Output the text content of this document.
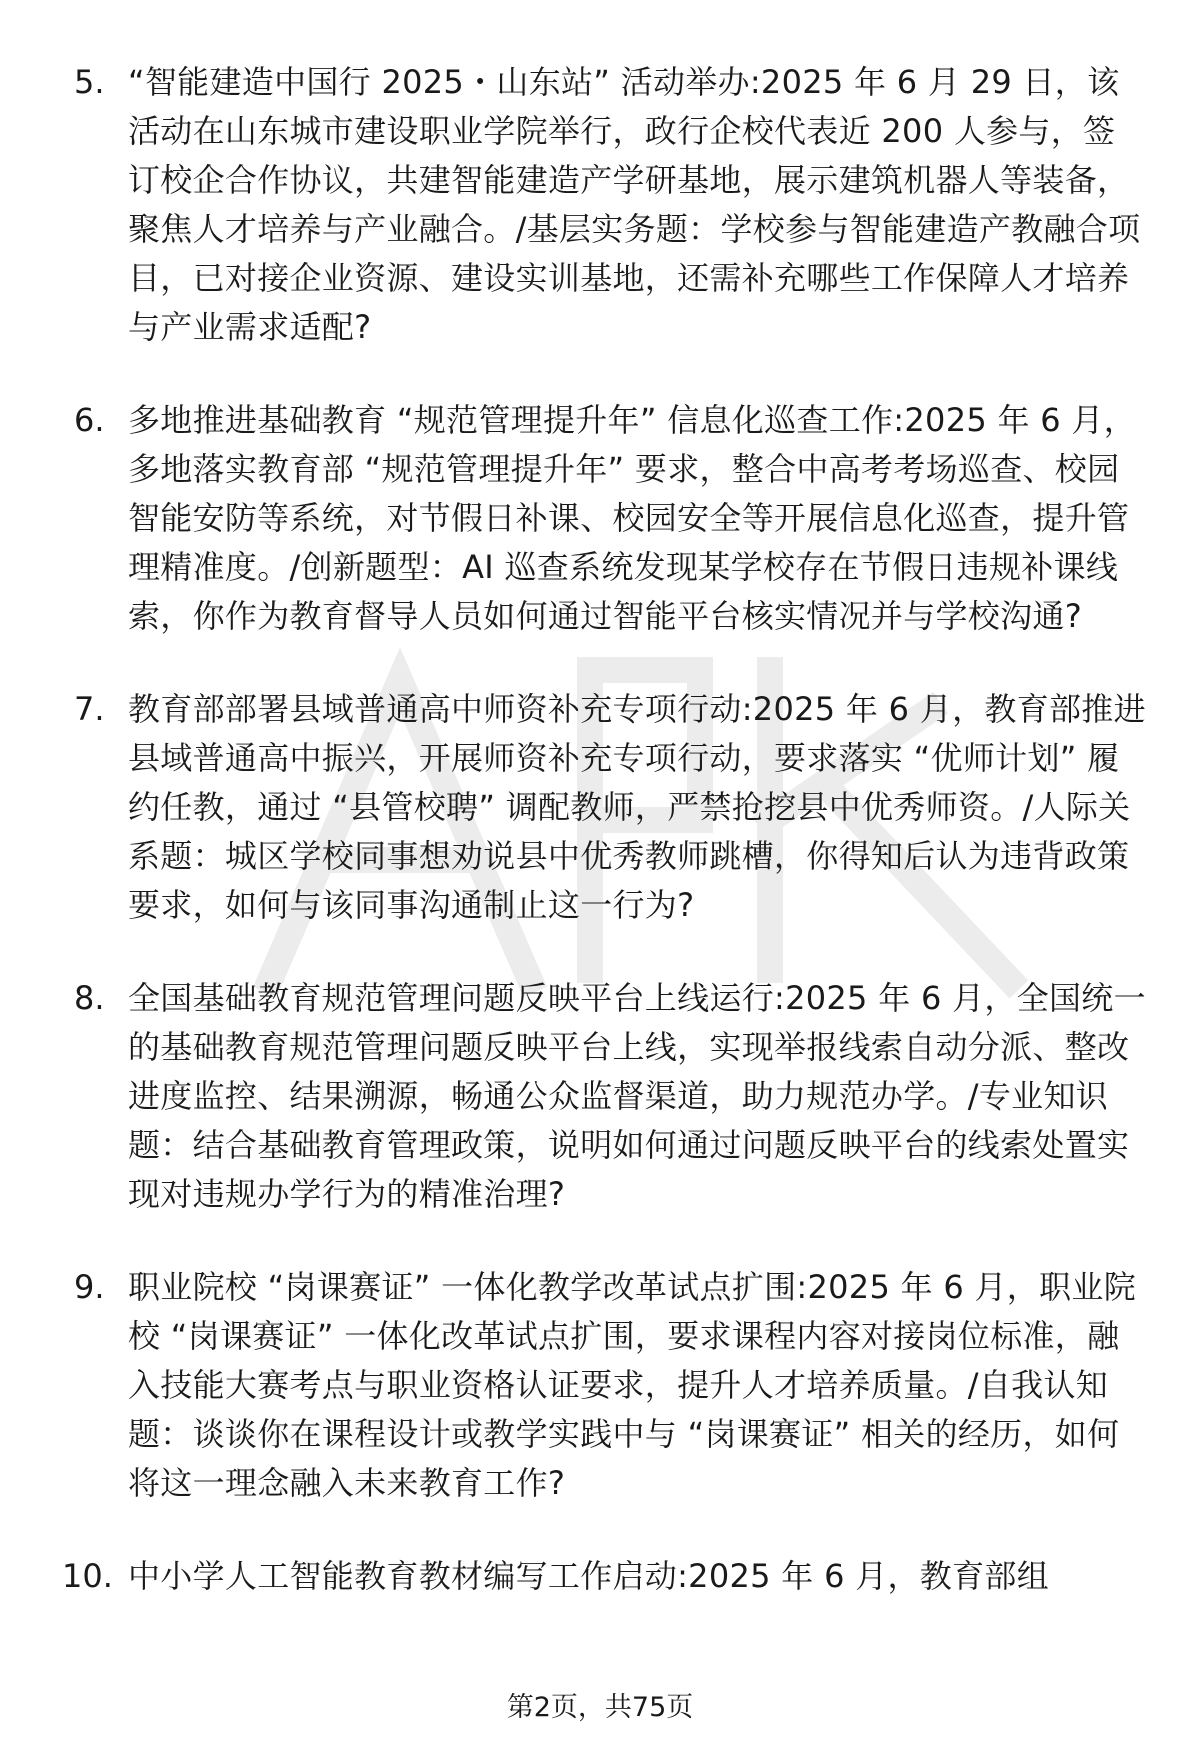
5. “智能建造中国行 2025・山东站” 活动举办:2025 年 6 月 29 日，该活动在山东城市建设职业学院举行，政行企校代表近 200 人参与，签订校企合作协议，共建智能建造产学研基地，展示建筑机器人等装备，聚焦人才培养与产业融合。/基层实务题：学校参与智能建造产教融合项目，已对接企业资源、建设实训基地，还需补充哪些工作保障人才培养与产业需求适配?
6. 多地推进基础教育 “规范管理提升年” 信息化巡查工作:2025 年 6 月，多地落实教育部 “规范管理提升年” 要求，整合中高考考场巡查、校园智能安防等系统，对节假日补课、校园安全等开展信息化巡查，提升管理精准度。/创新题型：AI 巡查系统发现某学校存在节假日违规补课线索，你作为教育督导人员如何通过智能平台核实情况并与学校沟通?
7. 教育部部署县域普通高中师资补充专项行动:2025 年 6 月，教育部推进县域普通高中振兴，开展师资补充专项行动，要求落实 “优师计划” 履约任教，通过 “县管校聘” 调配教师，严禁抢挖县中优秀师资。/人际关系题：城区学校同事想劝说县中优秀教师跳槽，你得知后认为违背政策要求，如何与该同事沟通制止这一行为?
8. 全国基础教育规范管理问题反映平台上线运行:2025 年 6 月，全国统一的基础教育规范管理问题反映平台上线，实现举报线索自动分派、整改进度监控、结果溯源，畅通公众监督渠道，助力规范办学。/专业知识题：结合基础教育管理政策，说明如何通过问题反映平台的线索处置实现对违规办学行为的精准治理?
9. 职业院校 “岗课赛证” 一体化教学改革试点扩围:2025 年 6 月，职业院校 “岗课赛证” 一体化改革试点扩围，要求课程内容对接岗位标准，融入技能大赛考点与职业资格认证要求，提升人才培养质量。/自我认知题：谈谈你在课程设计或教学实践中与 “岗课赛证” 相关的经历，如何将这一理念融入未来教育工作?
10. 中小学人工智能教育教材编写工作启动:2025 年 6 月，教育部组
第2页，共75页
